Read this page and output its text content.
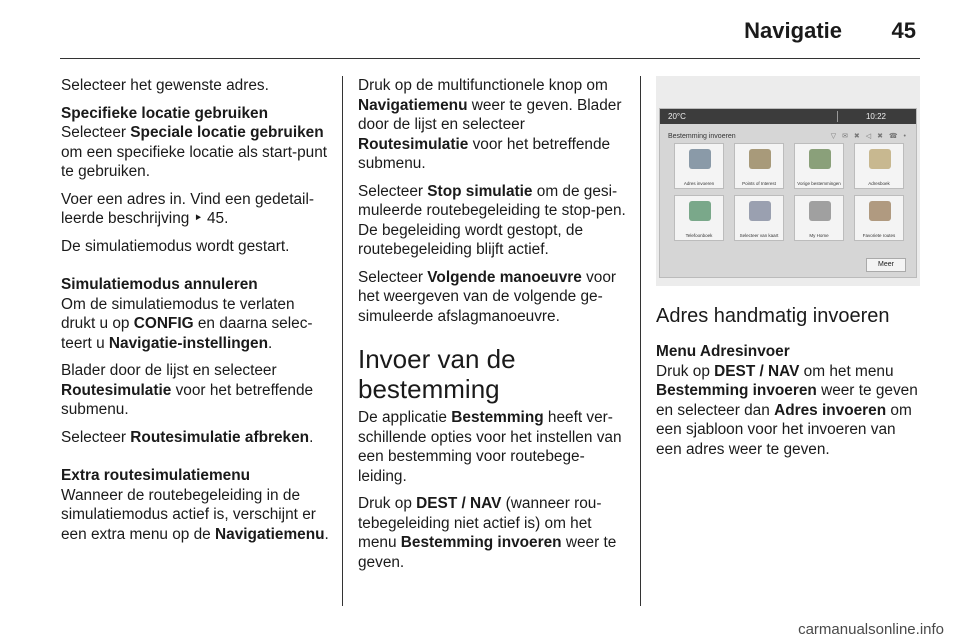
Navigatie 45

Selecteer het gewenste adres.

Specifieke locatie gebruiken

Selecteer Speciale locatie gebruiken om een specifieke locatie als start-punt te gebruiken.

Voer een adres in. Vind een gedetail-leerde beschrijving ‣ 45.

De simulatiemodus wordt gestart.

Simulatiemodus annuleren

Om de simulatiemodus te verlaten drukt u op CONFIG en daarna selec-teert u Navigatie-instellingen.

Blader door de lijst en selecteer Routesimulatie voor het betreffende submenu.

Selecteer Routesimulatie afbreken.

Extra routesimulatiemenu

Wanneer de routebegeleiding in de simulatiemodus actief is, verschijnt er een extra menu op de Navigatiemenu.

Druk op de multifunctionele knop om Navigatiemenu weer te geven. Blader door de lijst en selecteer Routesimulatie voor het betreffende submenu.

Selecteer Stop simulatie om de gesi-muleerde routebegeleiding te stop-pen. De begeleiding wordt gestopt, de routebegeleiding blijft actief.

Selecteer Volgende manoeuvre voor het weergeven van de volgende ge-simuleerde afslagmanoeuvre.

Invoer van de bestemming

De applicatie Bestemming heeft ver-schillende opties voor het instellen van een bestemming voor routebege-leiding.

Druk op DEST / NAV (wanneer rou-tebegeleiding niet actief is) om het menu Bestemming invoeren weer te geven.

20°C	10:22
Bestemming invoeren	▽ ✉ ✖ ◁ ✖ ☎ •
Adres invoeren	Points of Interest	Vorige bestemmingen	Adresboek
Telefoonboek	Selecteer van kaart	My Home	Favoriete routes
Meer
Adres handmatig invoeren

Menu Adresinvoer

Druk op DEST / NAV om het menu Bestemming invoeren weer te geven en selecteer dan Adres invoeren om een sjabloon voor het invoeren van een adres weer te geven.

carmanualsonline.info
